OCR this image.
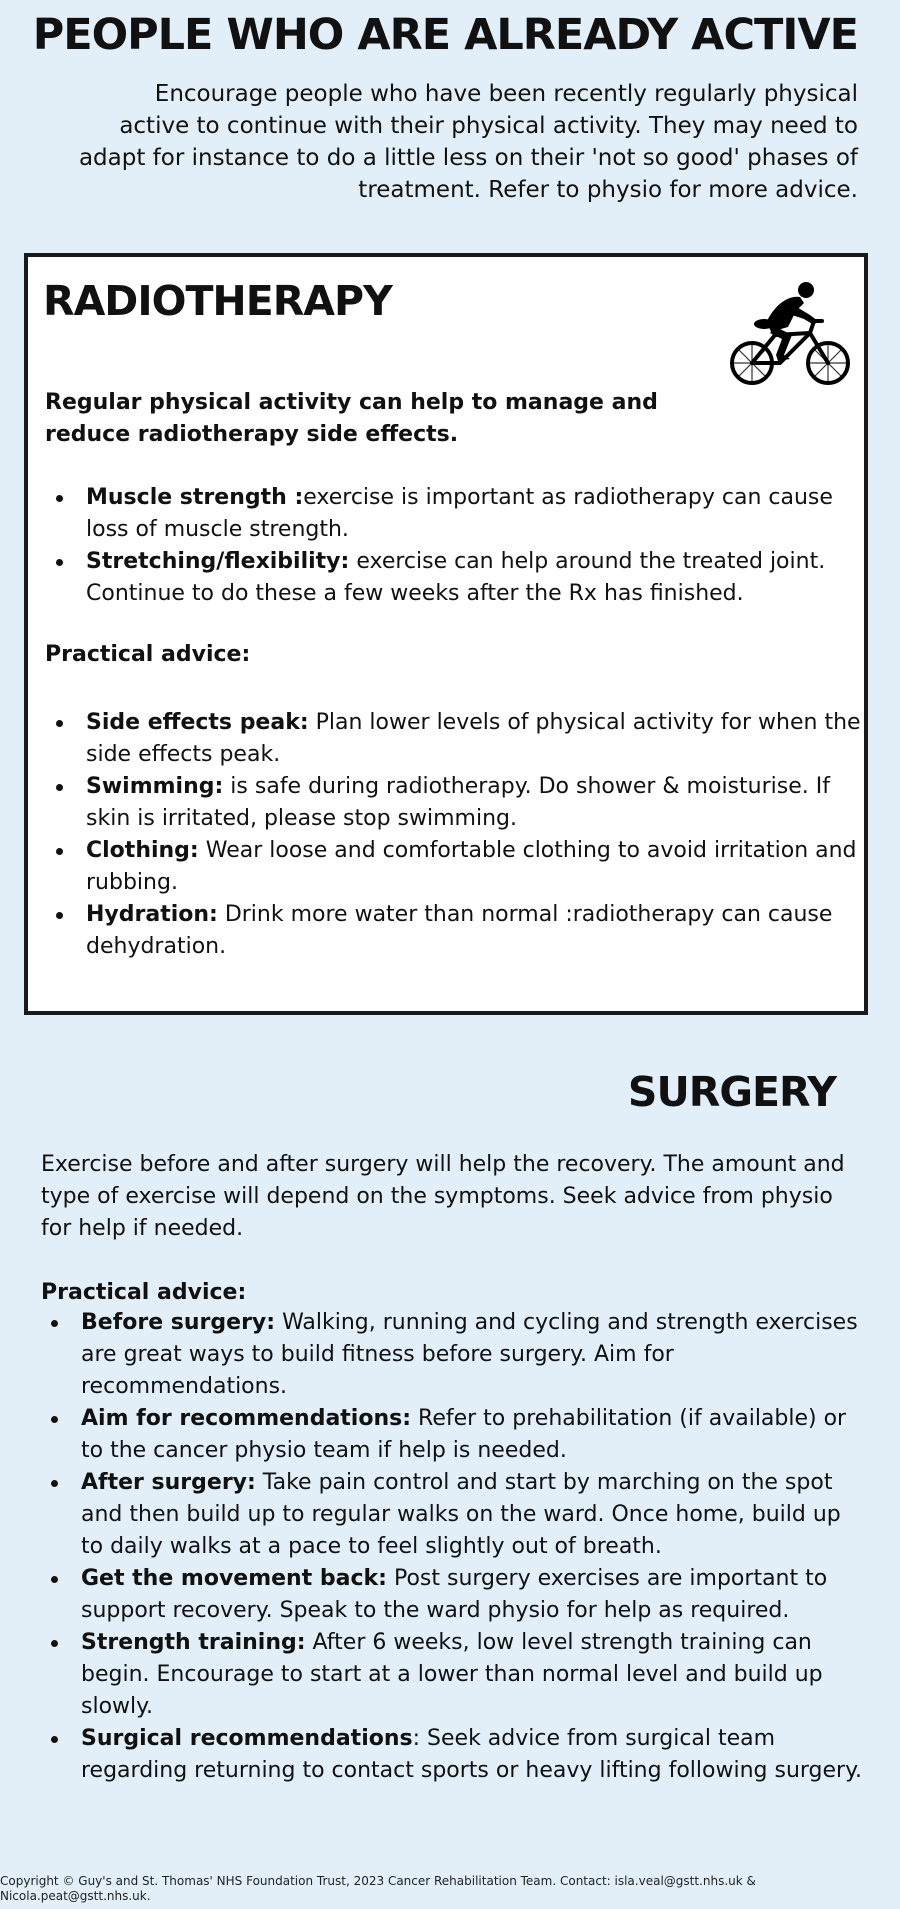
PEOPLE WHO ARE ALREADY ACTIVE

Encourage people who have been recently regularly physical active to continue with their physical activity. They may need to adapt for instance to do a little less on their 'not so good' phases of treatment. Refer to physio for more advice.

RADIOTHERAPY

Regular physical activity can help to manage and reduce radiotherapy side effects.

Muscle strength :exercise is important as radiotherapy can cause loss of muscle strength.
Stretching/flexibility: exercise can help around the treated joint. Continue to do these a few weeks after the Rx has finished.

Practical advice:

Side effects peak: Plan lower levels of physical activity for when the side effects peak.
Swimming: is safe during radiotherapy. Do shower & moisturise. If skin is irritated, please stop swimming.
Clothing: Wear loose and comfortable clothing to avoid irritation and rubbing.
Hydration: Drink more water than normal :radiotherapy can cause dehydration.
SURGERY

Exercise before and after surgery will help the recovery. The amount and type of exercise will depend on the symptoms. Seek advice from physio for help if needed.

Practical advice:

Before surgery: Walking, running and cycling and strength exercises are great ways to build fitness before surgery. Aim for recommendations.
Aim for recommendations: Refer to prehabilitation (if available) or to the cancer physio team if help is needed.
After surgery: Take pain control and start by marching on the spot and then build up to regular walks on the ward. Once home, build up to daily walks at a pace to feel slightly out of breath.
Get the movement back: Post surgery exercises are important to support recovery. Speak to the ward physio for help as required.
Strength training: After 6 weeks, low level strength training can begin. Encourage to start at a lower than normal level and build up slowly.
Surgical recommendations: Seek advice from surgical team regarding returning to contact sports or heavy lifting following surgery.

Copyright © Guy's and St. Thomas' NHS Foundation Trust, 2023 Cancer Rehabilitation Team. Contact: isla.veal@gstt.nhs.uk & Nicola.peat@gstt.nhs.uk.
